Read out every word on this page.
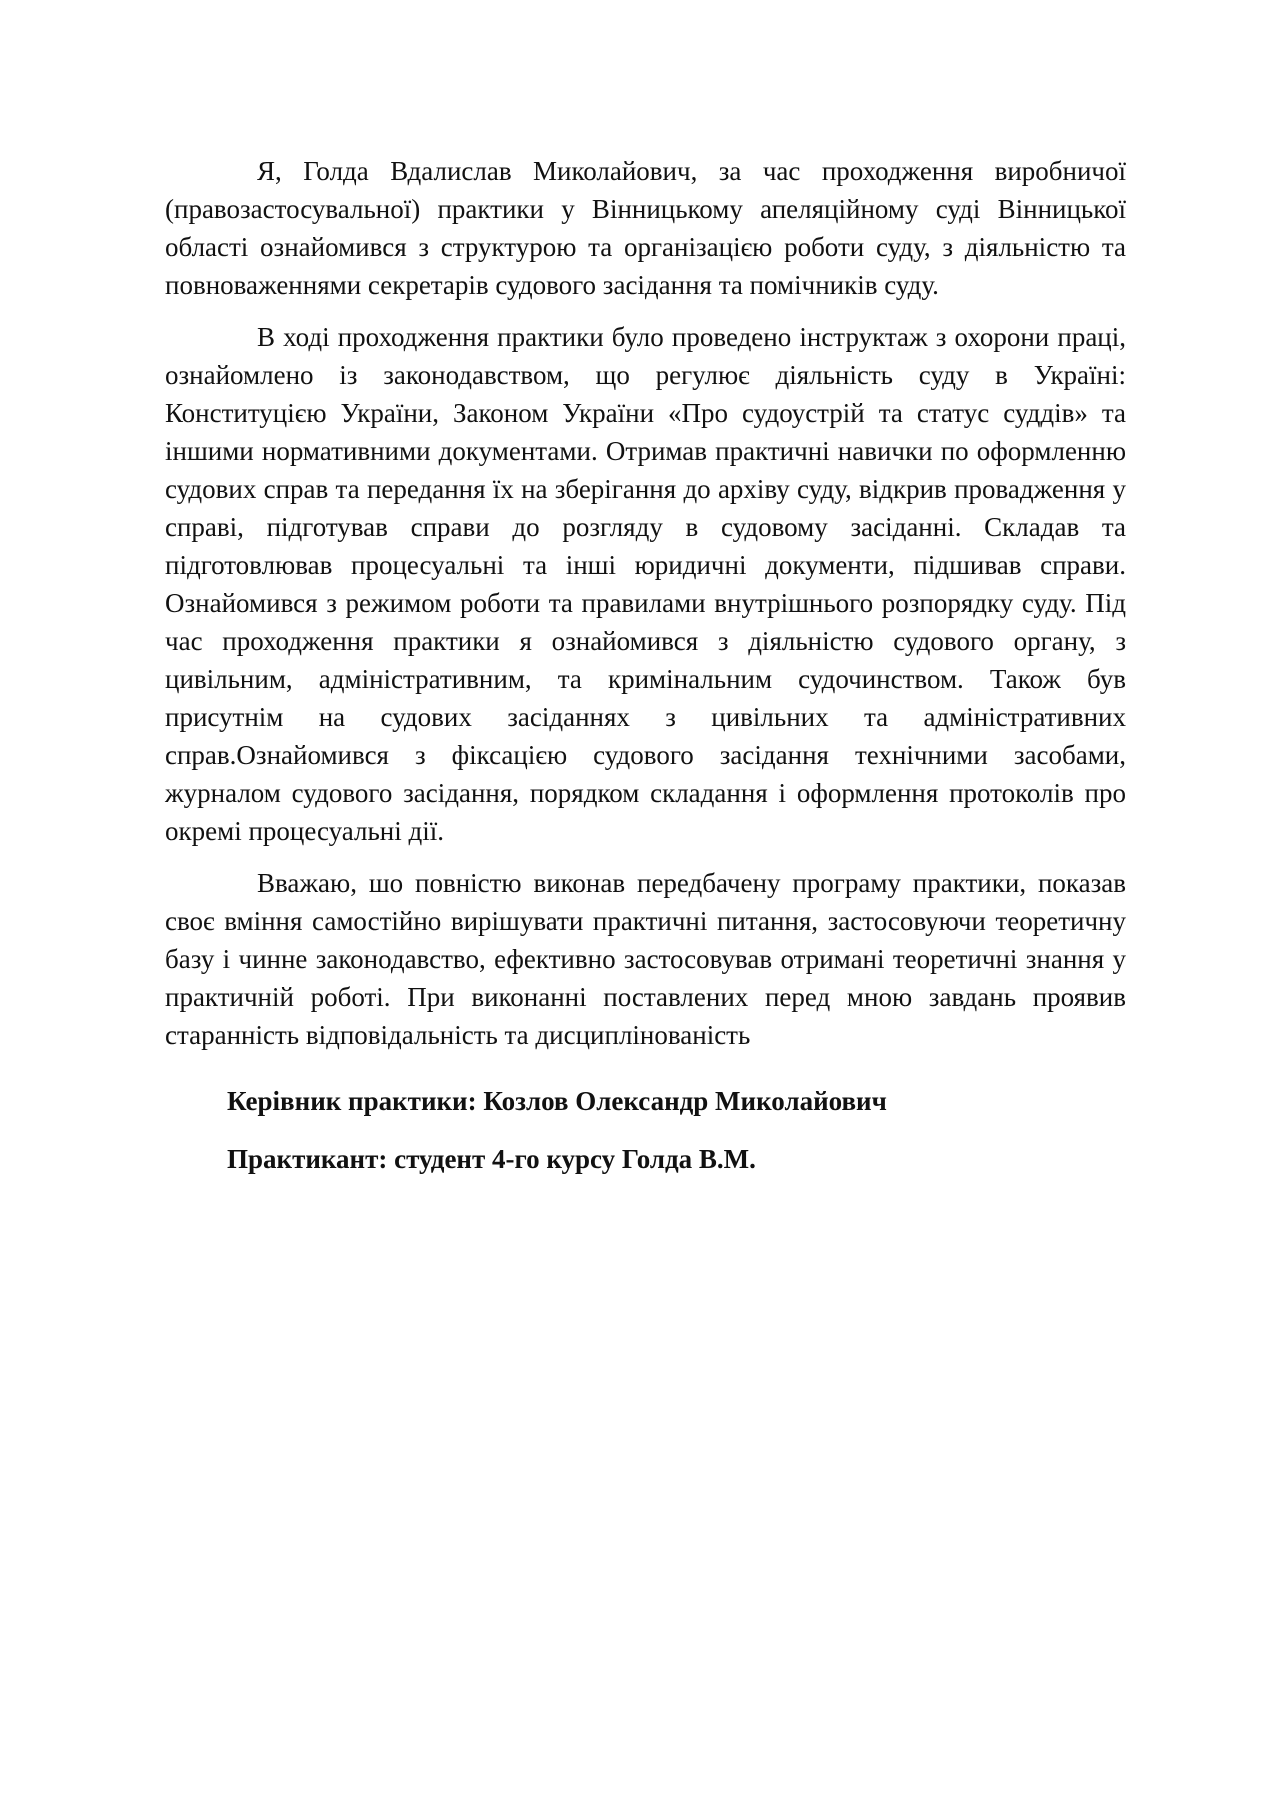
Я, Голда Вдалислав Миколайович, за час проходження виробничої (правозастосувальної) практики у Вінницькому апеляційному суді Вінницької області ознайомився з структурою та організацією роботи суду, з діяльністю та повноваженнями секретарів судового засідання та помічників суду.

В ході проходження практики було проведено інструктаж з охорони праці, ознайомлено із законодавством, що регулює діяльність суду в Україні: Конституцією України, Законом України «Про судоустрій та статус суддів» та іншими нормативними документами. Отримав практичні навички по оформленню судових справ та передання їх на зберігання до архіву суду, відкрив провадження у справі, підготував справи до розгляду в судовому засіданні. Складав та підготовлював процесуальні та інші юридичні документи, підшивав справи. Ознайомився з режимом роботи та правилами внутрішнього розпорядку суду. Під час проходження практики я ознайомився з діяльністю судового органу, з цивільним, адміністративним, та кримінальним судочинством. Також був присутнім на судових засіданнях з цивільних та адміністративних справ.Ознайомився з фіксацією судового засідання технічними засобами, журналом судового засідання, порядком складання і оформлення протоколів про окремі процесуальні дії.

Вважаю, шо повністю виконав передбачену програму практики, показав своє вміння самостійно вирішувати практичні питання, застосовуючи теоретичну базу і чинне законодавство, ефективно застосовував отримані теоретичні знання у практичній роботі. При виконанні поставлених перед мною завдань проявив старанність відповідальність та дисциплінованість

Керівник практики: Козлов Олександр Миколайович

Практикант: студент 4-го курсу Голда В.М.
